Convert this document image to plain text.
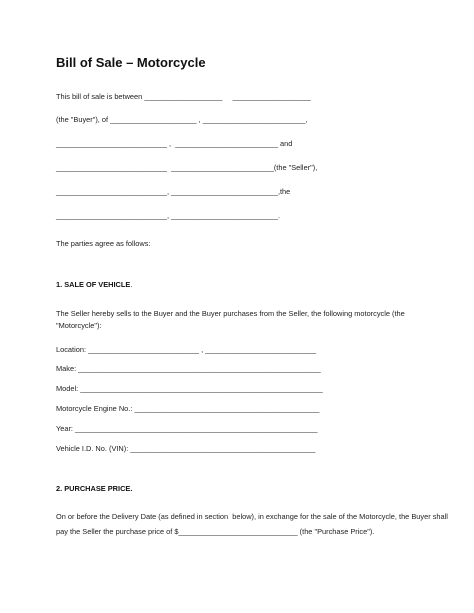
Bill of Sale – Motorcycle
This bill of sale is between ___________________     ___________________
(the "Buyer"), of _____________________ , _________________________,
___________________________ ,  _________________________ and
___________________________  _________________________(the "Seller"),
___________________________, __________________________,the
___________________________, __________________________.
The parties agree as follows:
1. SALE OF VEHICLE.
The Seller hereby sells to the Buyer and the Buyer purchases from the Seller, the following motorcycle (the
"Motorcycle"):
Location: ___________________________ , ___________________________
Make: ___________________________________________________________
Model: ___________________________________________________________
Motorcycle Engine No.: _____________________________________________
Year: ___________________________________________________________
Vehicle I.D. No. (VIN): _____________________________________________
2. PURCHASE PRICE.
On or before the Delivery Date (as defined in section  below), in exchange for the sale of the Motorcycle, the Buyer shall
pay the Seller the purchase price of $_____________________________ (the "Purchase Price").
